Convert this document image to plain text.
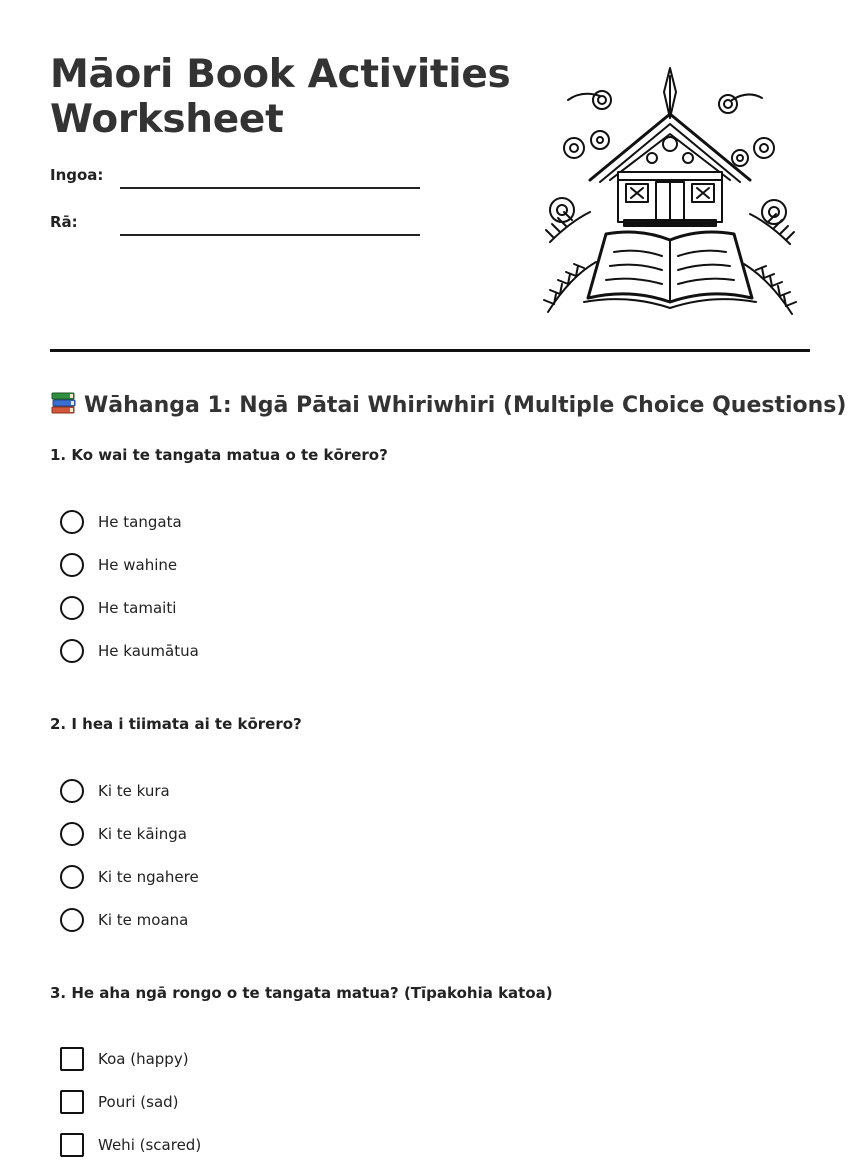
Māori Book Activities
Worksheet
Ingoa:
Rā:
Wāhanga 1: Ngā Pātai Whiriwhiri (Multiple Choice Questions)
1. Ko wai te tangata matua o te kōrero?
He tangata
He wahine
He tamaiti
He kaumātua
2. I hea i tiimata ai te kōrero?
Ki te kura
Ki te kāinga
Ki te ngahere
Ki te moana
3. He aha ngā rongo o te tangata matua? (Tīpakohia katoa)
Koa (happy)
Pouri (sad)
Wehi (scared)
